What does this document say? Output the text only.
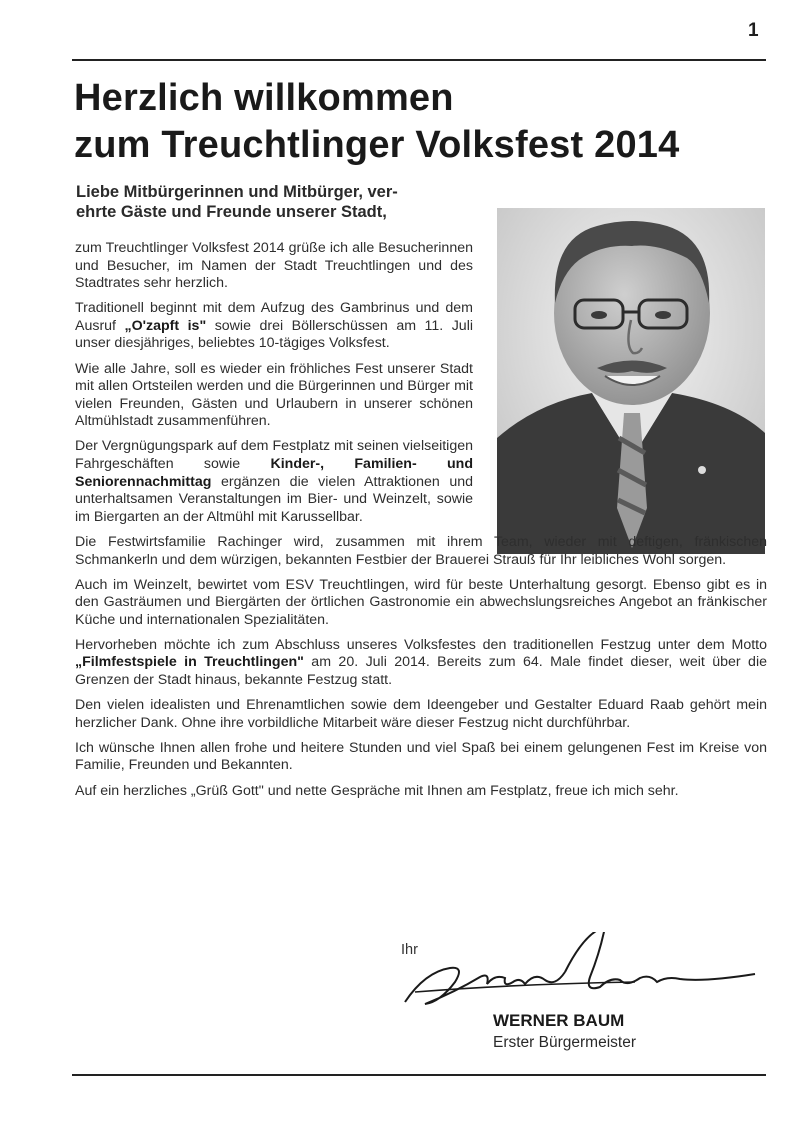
1
Herzlich willkommen
zum Treuchtlinger Volksfest 2014
Liebe Mitbürgerinnen und Mitbürger, ver-
ehrte Gäste und Freunde unserer Stadt,

zum Treuchtlinger Volksfest 2014 grüße ich alle Besucherinnen und Besucher, im Namen der Stadt Treuchtlingen und des Stadtrates sehr herzlich.

Traditionell beginnt mit dem Aufzug des Gambrinus und dem Ausruf „O'zapft is" sowie drei Böllerschüssen am 11. Juli unser diesjähriges, beliebtes 10-tägiges Volksfest.

Wie alle Jahre, soll es wieder ein fröhliches Fest unserer Stadt mit allen Ortsteilen werden und die Bürgerinnen und Bürger mit vielen Freunden, Gästen und Urlaubern in unserer schönen Altmühlstadt zusammenführen.

Der Vergnügungspark auf dem Festplatz mit seinen vielseitigen Fahrgeschäften sowie Kinder-, Familien- und Seniorennachmittag ergänzen die vielen Attraktionen und unterhaltsamen Veranstaltungen im Bier- und Weinzelt, sowie im Biergarten an der Altmühl mit Karussellbar.

Die Festwirtsfamilie Rachinger wird, zusammen mit ihrem Team, wieder mit deftigen, fränkischen Schmankerln und dem würzigen, bekannten Festbier der Brauerei Strauß für Ihr leibliches Wohl sorgen.

Auch im Weinzelt, bewirtet vom ESV Treuchtlingen, wird für beste Unterhaltung gesorgt. Ebenso gibt es in den Gasträumen und Biergärten der örtlichen Gastronomie ein abwechslungsreiches Angebot an fränkischer Küche und internationalen Spezialitäten.

Hervorheben möchte ich zum Abschluss unseres Volksfestes den traditionellen Festzug unter dem Motto „Filmfestspiele in Treuchtlingen" am 20. Juli 2014. Bereits zum 64. Male findet dieser, weit über die Grenzen der Stadt hinaus, bekannte Festzug statt.

Den vielen idealisten und Ehrenamtlichen sowie dem Ideengeber und Gestalter Eduard Raab gehört mein herzlicher Dank. Ohne ihre vorbildliche Mitarbeit wäre dieser Festzug nicht durchführbar.

Ich wünsche Ihnen allen frohe und heitere Stunden und viel Spaß bei einem gelungenen Fest im Kreise von Familie, Freunden und Bekannten.

Auf ein herzliches „Grüß Gott" und nette Gespräche mit Ihnen am Festplatz, freue ich mich sehr.

Ihr
WERNER BAUM
Erster Bürgermeister
